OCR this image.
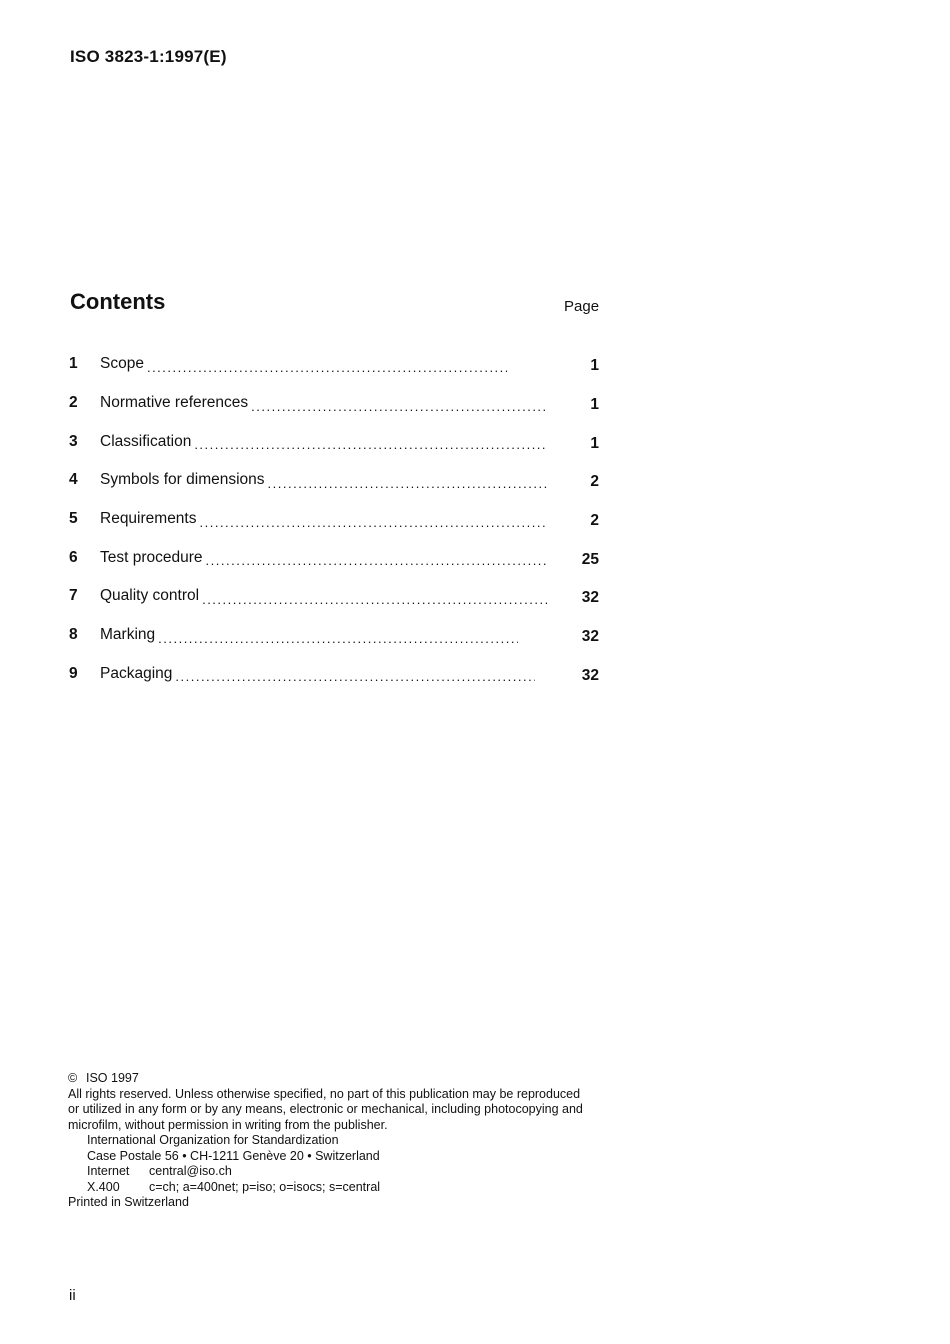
ISO 3823-1:1997(E)
Contents	Page
1	Scope .....	1
2	Normative references .....	1
3	Classification .....	1
4	Symbols for dimensions .....	2
5	Requirements .....	2
6	Test procedure .....	25
7	Quality control .....	32
8	Marking .....	32
9	Packaging .....	32
© ISO 1997
All rights reserved. Unless otherwise specified, no part of this publication may be reproduced
or utilized in any form or by any means, electronic or mechanical, including photocopying and
microfilm, without permission in writing from the publisher.
International Organization for Standardization
Case Postale 56 • CH-1211 Genève 20 • Switzerland
Internet central@iso.ch
X.400 c=ch; a=400net; p=iso; o=isocs; s=central
Printed in Switzerland
ii
